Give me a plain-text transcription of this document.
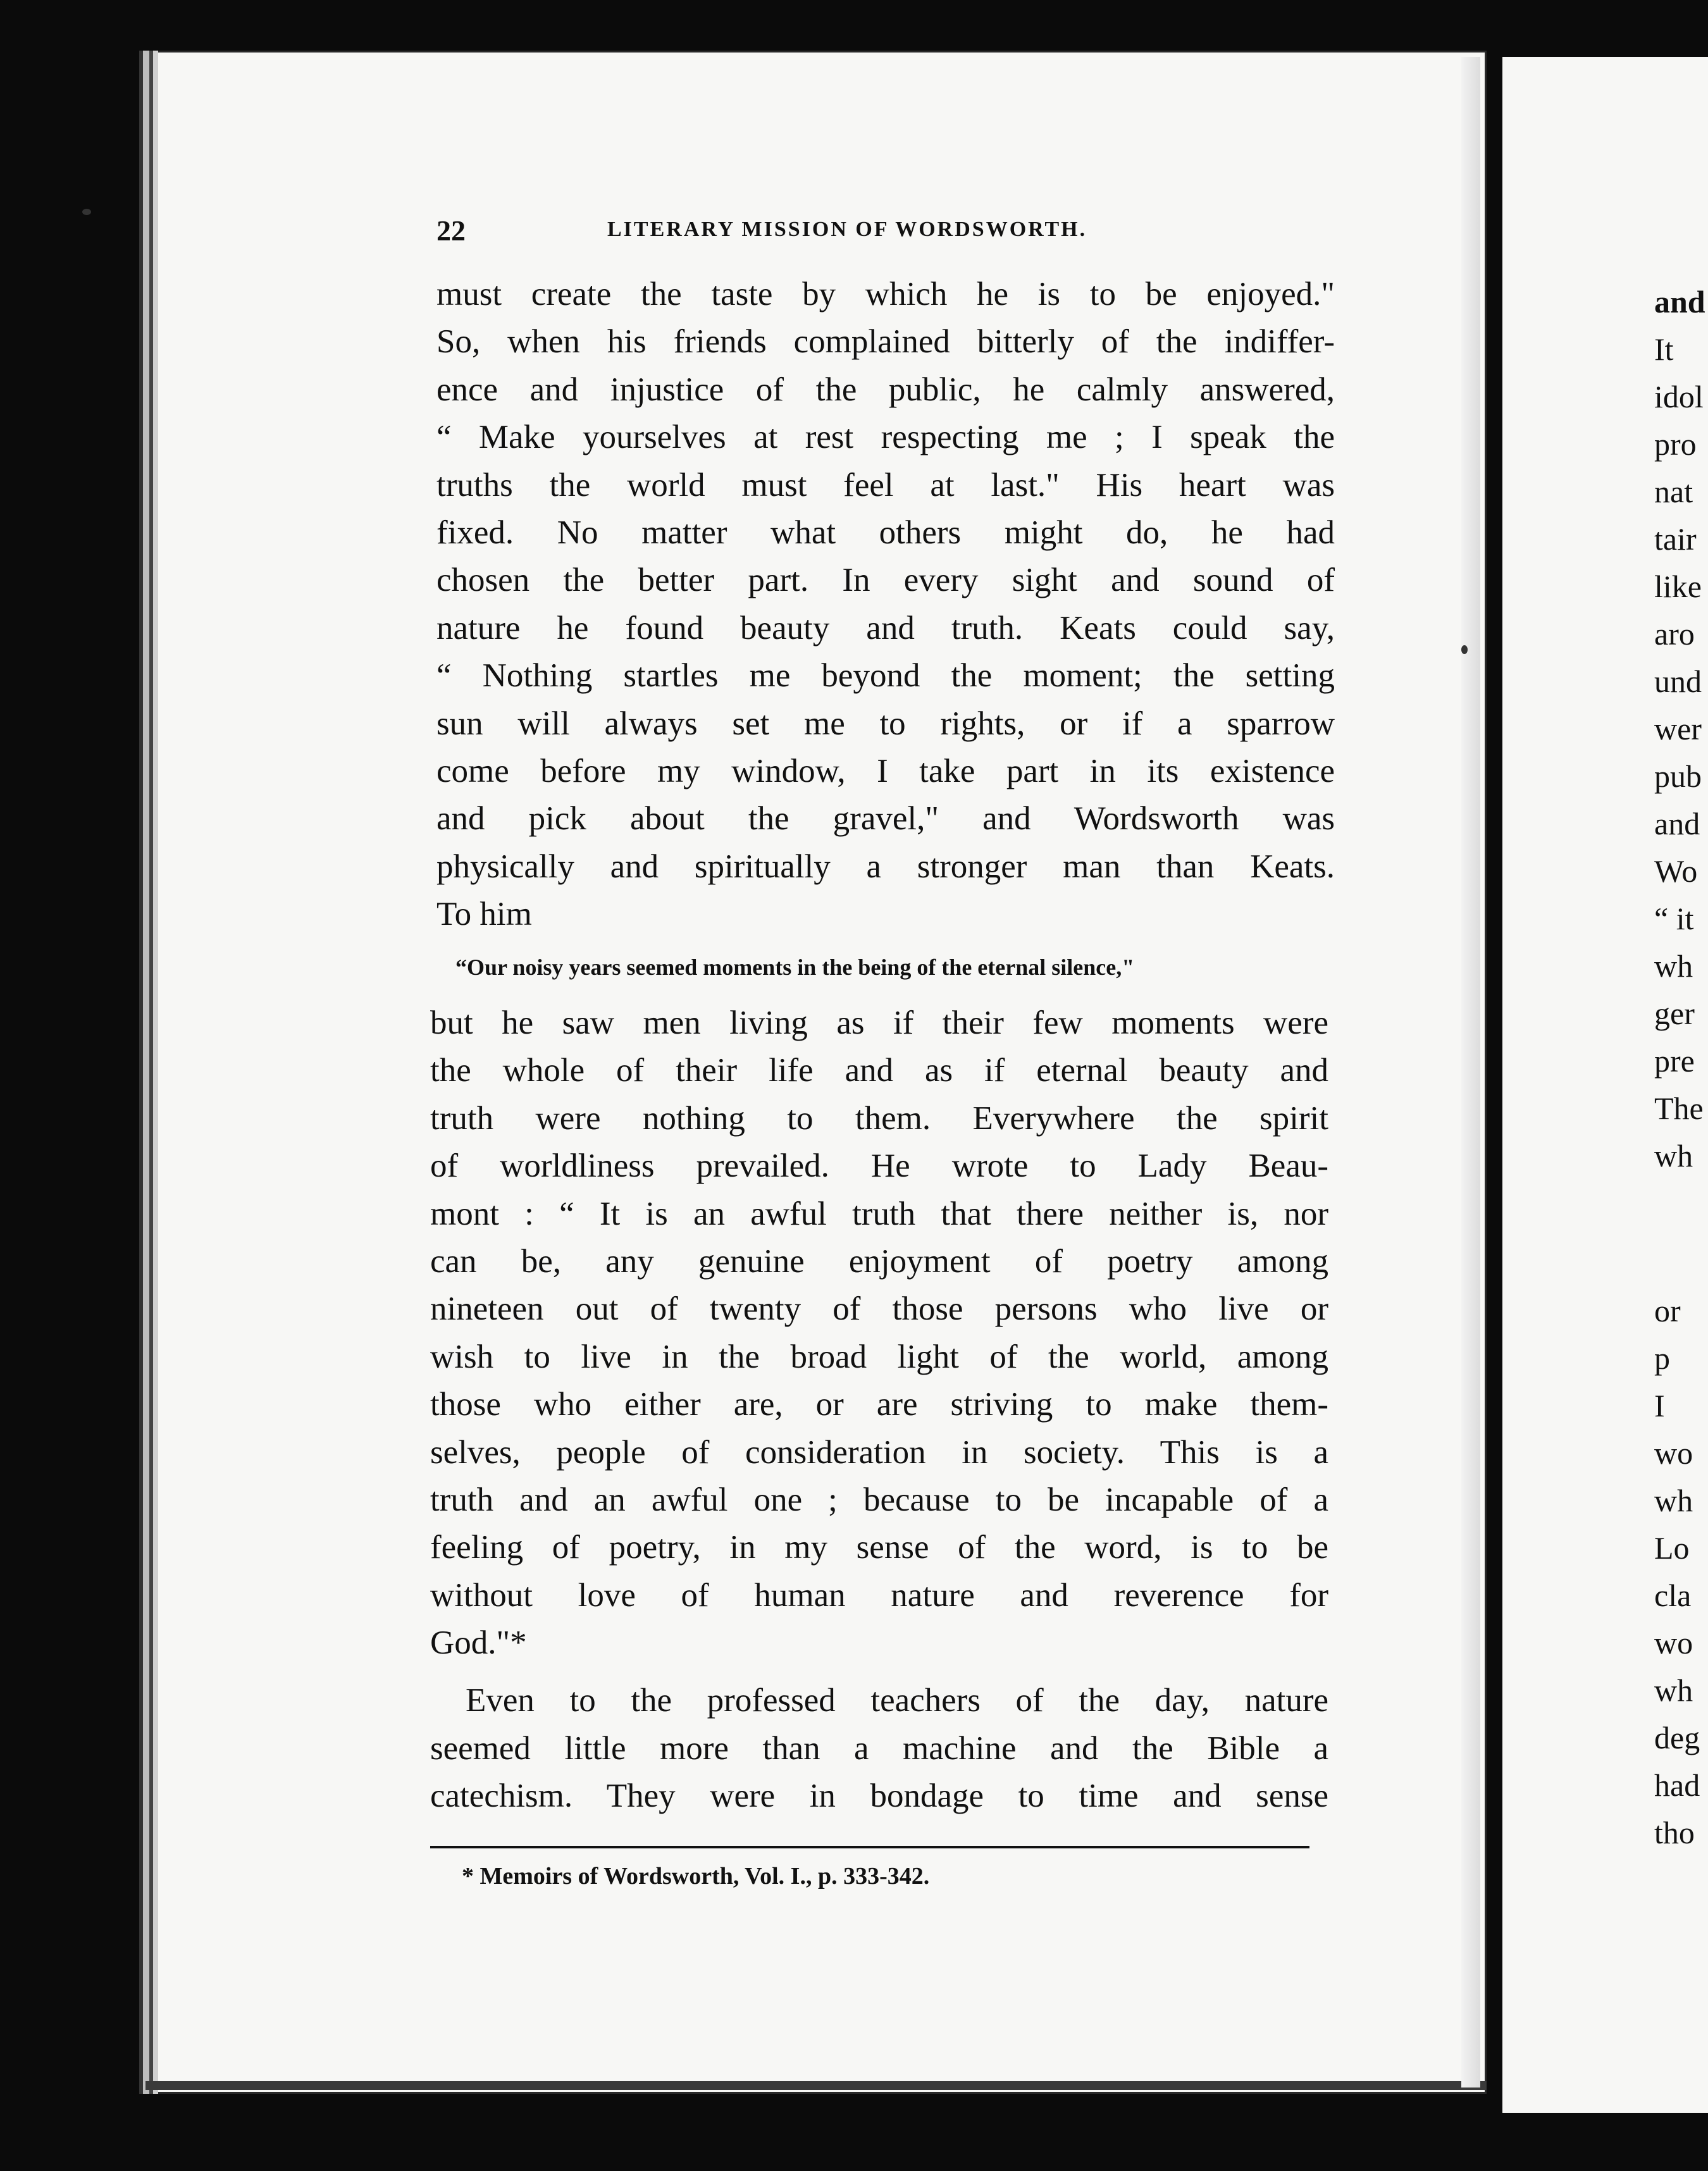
22	LITERARY MISSION OF WORDSWORTH.
must create the taste by which he is to be enjoyed."
So, when his friends complained bitterly of the indiffer-
ence and injustice of the public, he calmly answered,
“ Make yourselves at rest respecting me ; I speak the
truths the world must feel at last." His heart was
fixed. No matter what others might do, he had
chosen the better part. In every sight and sound of
nature he found beauty and truth. Keats could say,
“ Nothing startles me beyond the moment; the setting
sun will always set me to rights, or if a sparrow
come before my window, I take part in its existence
and pick about the gravel," and Wordsworth was
physically and spiritually a stronger man than Keats.
To him
“Our noisy years seemed moments in the being of the eternal silence,"
but he saw men living as if their few moments were
the whole of their life and as if eternal beauty and
truth were nothing to them. Everywhere the spirit
of worldliness prevailed. He wrote to Lady Beau-
mont : “ It is an awful truth that there neither is, nor
can be, any genuine enjoyment of poetry among
nineteen out of twenty of those persons who live or
wish to live in the broad light of the world, among
those who either are, or are striving to make them-
selves, people of consideration in society. This is a
truth and an awful one ; because to be incapable of a
feeling of poetry, in my sense of the word, is to be
without love of human nature and reverence for
God."*
Even to the professed teachers of the day, nature
seemed little more than a machine and the Bible a
catechism. They were in bondage to time and sense
* Memoirs of Wordsworth, Vol. I., p. 333-342.
and
It
idol
pro
nat
tair
like
aro
und
wer
pub
and
Wo
“ it
wh
ger
pre
The
wh
or
p
I
wo
wh
Lo
cla
wo
wh
deg
had
tho
